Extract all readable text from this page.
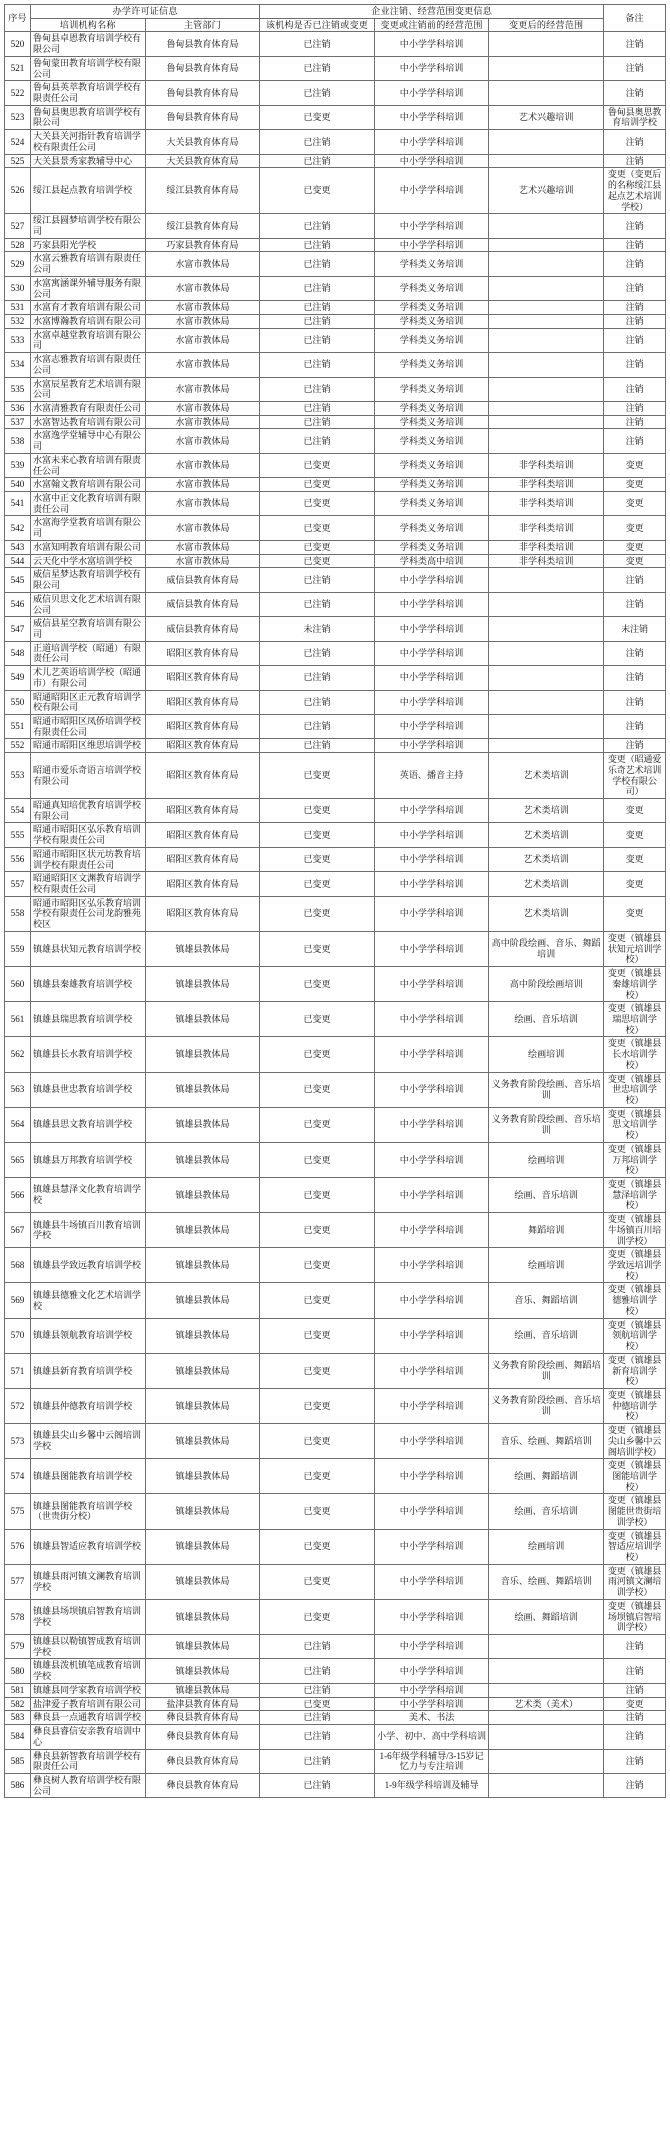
序号	办学许可证信息		企业注销、经营范围变更信息			备注
	培训机构名称	主管部门	该机构是否已注销或变更	变更或注销前的经营范围	变更后的经营范围	
520	鲁甸县卓恩教育培训学校有限公司	鲁甸县教育体育局	已注销	中小学学科培训		注销
521	鲁甸蒙田教育培训学校有限公司	鲁甸县教育体育局	已注销	中小学学科培训		注销
522	鲁甸县英萃教育培训学校有限责任公司	鲁甸县教育体育局	已注销	中小学学科培训		注销
523	鲁甸县奥思教育培训学校有限公司	鲁甸县教育体育局	已变更	中小学学科培训	艺术兴趣培训	鲁甸县奥思教育培训学校
524	大关县关河指针教育培训学校有限责任公司	大关县教育体育局	已注销	中小学学科培训		注销
525	大关县景秀家教辅导中心	大关县教育体育局	已注销	中小学学科培训		注销
526	绥江县起点教育培训学校	绥江县教育体育局	已变更	中小学学科培训	艺术兴趣培训	变更（变更后的名称绥江县起点艺术培训学校）
527	绥江县圆梦培训学校有限公司	绥江县教育体育局	已注销	中小学学科培训		注销
528	巧家县阳光学校	巧家县教育体育局	已注销	中小学学科培训		注销
529	水富云雅教育培训有限责任公司	水富市教体局	已注销	学科类义务培训		注销
530	水富寓涵课外辅导服务有限公司	水富市教体局	已注销	学科类义务培训		注销
531	水富育才教育培训有限公司	水富市教体局	已注销	学科类义务培训		注销
532	水富博瀚教育培训有限公司	水富市教体局	已注销	学科类义务培训		注销
533	水富卓越堂教育培训有限公司	水富市教体局	已注销	学科类义务培训		注销
534	水富志雅教育培训有限责任公司	水富市教体局	已注销	学科类义务培训		注销
535	水富辰星教育艺术培训有限公司	水富市教体局	已注销	学科类义务培训		注销
536	水富清雅教育有限责任公司	水富市教体局	已注销	学科类义务培训		注销
537	水富智达教育培训有限公司	水富市教体局	已注销	学科类义务培训		注销
538	水富逸学堂辅导中心有限公司	水富市教体局	已注销	学科类义务培训		注销
539	水富未来心教育培训有限责任公司	水富市教体局	已变更	学科类义务培训	非学科类培训	变更
540	水富翰文教育培训有限公司	水富市教体局	已变更	学科类义务培训	非学科类培训	变更
541	水富中正文化教育培训有限责任公司	水富市教体局	已变更	学科类义务培训	非学科类培训	变更
542	水富海学堂教育培训有限公司	水富市教体局	已变更	学科类义务培训	非学科类培训	变更
543	水富知明教育培训有限公司	水富市教体局	已变更	学科类义务培训	非学科类培训	变更
544	云天化中学水富培训学校	水富市教体局	已变更	学科类高中培训	非学科类培训	变更
545	威信星梦达教育培训学校有限公司	威信县教育体育局	已注销	中小学学科培训		注销
546	威信贝思文化艺术培训有限公司	威信县教育体育局	已注销	中小学学科培训		注销
547	威信县星空教育培训有限公司	威信县教育体育局	未注销	中小学学科培训		未注销
548	正道培训学校（昭通）有限责任公司	昭阳区教育体育局	已注销	中小学学科培训		注销
549	术儿艺英语培训学校（昭通市）有限公司	昭阳区教育体育局	已注销	中小学学科培训		注销
550	昭通昭阳区正元教育培训学校有限公司	昭阳区教育体育局	已注销	中小学学科培训		注销
551	昭通市昭阳区凤侨培训学校有限责任公司	昭阳区教育体育局	已注销	中小学学科培训		注销
552	昭通市昭阳区维思培训学校	昭阳区教育体育局	已注销	中小学学科培训		注销
553	昭通市爱乐奇语言培训学校有限公司	昭阳区教育体育局	已变更	英语、播音主持	艺术类培训	变更（昭通爱乐奇艺术培训学校有限公司）
554	昭通真知培优教育培训学校有限公司	昭阳区教育体育局	已变更	中小学学科培训	艺术类培训	变更
555	昭通市昭阳区弘乐教育培训学校有限责任公司	昭阳区教育体育局	已变更	中小学学科培训	艺术类培训	变更
556	昭通市昭阳区状元坊教育培训学校有限责任公司	昭阳区教育体育局	已变更	中小学学科培训	艺术类培训	变更
557	昭通昭阳区文渊教育培训学校有限责任公司	昭阳区教育体育局	已变更	中小学学科培训	艺术类培训	变更
558	昭通市昭阳区弘乐教育培训学校有限责任公司龙韵雅苑校区	昭阳区教育体育局	已变更	中小学学科培训	艺术类培训	变更
559	镇雄县状知元教育培训学校	镇雄县教体局	已变更	中小学学科培训	高中阶段绘画、音乐、舞蹈培训	变更（镇雄县状知元培训学校）
560	镇雄县秦雄教育培训学校	镇雄县教体局	已变更	中小学学科培训	高中阶段绘画培训	变更（镇雄县秦雄培训学校）
561	镇雄县瑞思教育培训学校	镇雄县教体局	已变更	中小学学科培训	绘画、音乐培训	变更（镇雄县瑞思培训学校）
562	镇雄县长水教育培训学校	镇雄县教体局	已变更	中小学学科培训	绘画培训	变更（镇雄县长水培训学校）
563	镇雄县世忠教育培训学校	镇雄县教体局	已变更	中小学学科培训	义务教育阶段绘画、音乐培训	变更（镇雄县世忠培训学校）
564	镇雄县思文教育培训学校	镇雄县教体局	已变更	中小学学科培训	义务教育阶段绘画、音乐培训	变更（镇雄县思文培训学校）
565	镇雄县万邦教育培训学校	镇雄县教体局	已变更	中小学学科培训	绘画培训	变更（镇雄县万邦培训学校）
566	镇雄县慧泽文化教育培训学校	镇雄县教体局	已变更	中小学学科培训	绘画、音乐培训	变更（镇雄县慧泽培训学校）
567	镇雄县牛场镇百川教育培训学校	镇雄县教体局	已变更	中小学学科培训	舞蹈培训	变更（镇雄县牛场镇百川培训学校）
568	镇雄县学致远教育培训学校	镇雄县教体局	已变更	中小学学科培训	绘画培训	变更（镇雄县学致远培训学校）
569	镇雄县德雅文化艺术培训学校	镇雄县教体局	已变更	中小学学科培训	音乐、舞蹈培训	变更（镇雄县德雅培训学校）
570	镇雄县领航教育培训学校	镇雄县教体局	已变更	中小学学科培训	绘画、音乐培训	变更（镇雄县领航培训学校）
571	镇雄县新育教育培训学校	镇雄县教体局	已变更	中小学学科培训	义务教育阶段绘画、舞蹈培训	变更（镇雄县新育培训学校）
572	镇雄县仲德教育培训学校	镇雄县教体局	已变更	中小学学科培训	义务教育阶段绘画、音乐培训	变更（镇雄县仲德培训学校）
573	镇雄县尖山乡馨中云阁培训学校	镇雄县教体局	已变更	中小学学科培训	音乐、绘画、舞蹈培训	变更（镇雄县尖山乡馨中云阁培训学校）
574	镇雄县图能教育培训学校	镇雄县教体局	已变更	中小学学科培训	绘画、舞蹈培训	变更（镇雄县图能培训学校）
575	镇雄县图能教育培训学校（世贵街分校）	镇雄县教体局	已变更	中小学学科培训	绘画、音乐培训	变更（镇雄县图能世贵街培训学校）
576	镇雄县智适应教育培训学校	镇雄县教体局	已变更	中小学学科培训	绘画培训	变更（镇雄县智适应培训学校）
577	镇雄县雨河镇文澜教育培训学校	镇雄县教体局	已变更	中小学学科培训	音乐、绘画、舞蹈培训	变更（镇雄县雨河镇文澜培训学校）
578	镇雄县场坝镇启智教育培训学校	镇雄县教体局	已变更	中小学学科培训	绘画、舞蹈培训	变更（镇雄县场坝镇启智培训学校）
579	镇雄县以勒镇智成教育培训学校	镇雄县教体局	已注销	中小学学科培训		注销
580	镇雄县泼机镇笔成教育培训学校	镇雄县教体局	已注销	中小学学科培训		注销
581	镇雄县同学家教育培训学校	镇雄县教体局	已注销	中小学学科培训		注销
582	盐津爱子教育培训有限公司	盐津县教育体育局	已变更	中小学学科培训	艺术类（美术）	变更
583	彝良县一点通教育培训学校	彝良县教育体育局	已注销	美术、书法		注销
584	彝良县睿信安亲教育培训中心	彝良县教育体育局	已注销	小学、初中、高中学科培训		注销
585	彝良县新智教育培训学校有限责任公司	彝良县教育体育局	已注销	1-6年级学科辅导/3-15岁记忆力与专注培训		注销
586	彝良树人教育培训学校有限公司	彝良县教育体育局	已注销	1-9年级学科培训及辅导		注销
